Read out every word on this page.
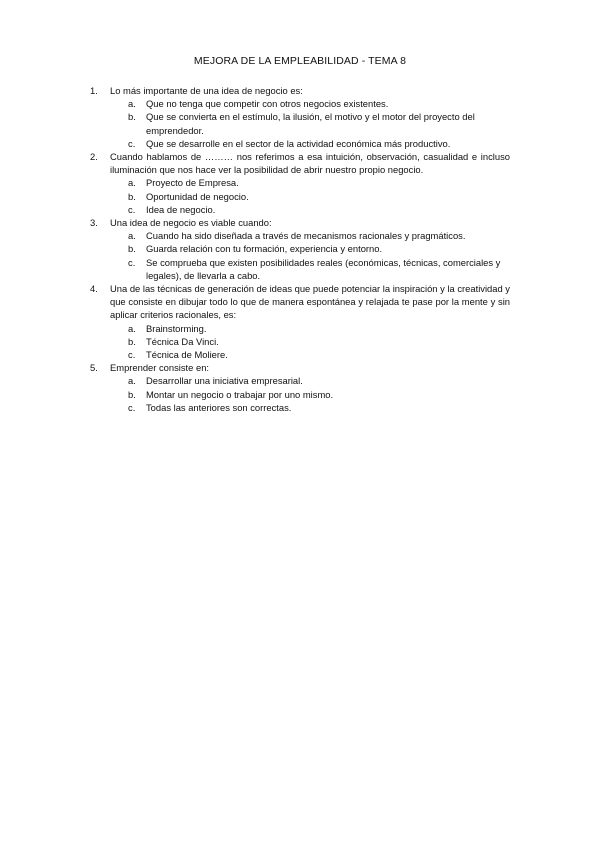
MEJORA DE LA EMPLEABILIDAD - TEMA 8
1. Lo más importante de una idea de negocio es:
a. Que no tenga que competir con otros negocios existentes.
b. Que se convierta en el estímulo, la ilusión, el motivo y el motor del proyecto del emprendedor.
c. Que se desarrolle en el sector de la actividad económica más productivo.
2. Cuando hablamos de ……… nos referimos a esa intuición, observación, casualidad e incluso iluminación que nos hace ver la posibilidad de abrir nuestro propio negocio.
a. Proyecto de Empresa.
b. Oportunidad de negocio.
c. Idea de negocio.
3. Una idea de negocio es viable cuando:
a. Cuando ha sido diseñada a través de mecanismos racionales y pragmáticos.
b. Guarda relación con tu formación, experiencia y entorno.
c. Se comprueba que existen posibilidades reales (económicas, técnicas, comerciales y legales), de llevarla a cabo.
4. Una de las técnicas de generación de ideas que puede potenciar la inspiración y la creatividad y que consiste en dibujar todo lo que de manera espontánea y relajada te pase por la mente y sin aplicar criterios racionales, es:
a. Brainstorming.
b. Técnica Da Vinci.
c. Técnica de Moliere.
5. Emprender consiste en:
a. Desarrollar una iniciativa empresarial.
b. Montar un negocio o trabajar por uno mismo.
c. Todas las anteriores son correctas.
